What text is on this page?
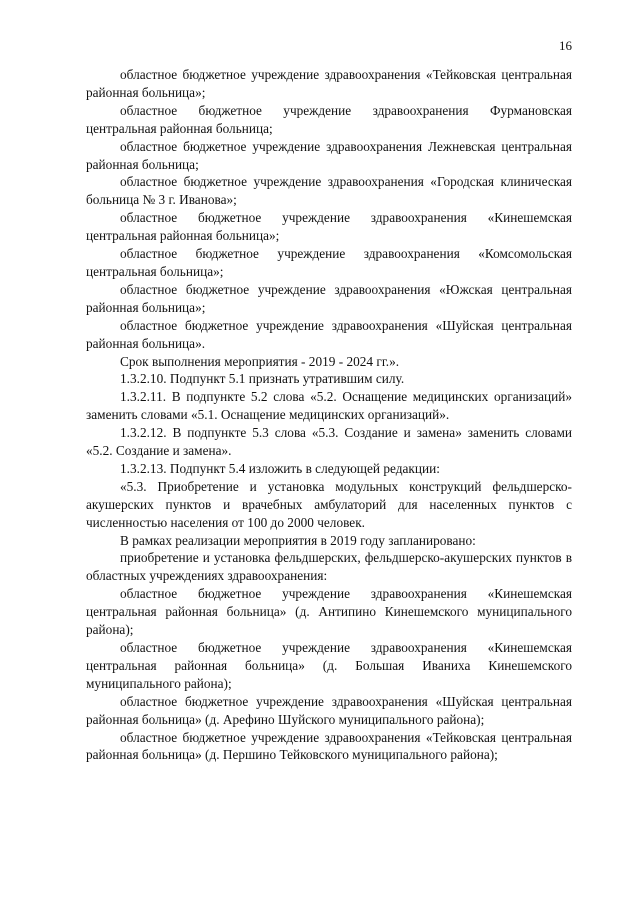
16

областное бюджетное учреждение здравоохранения «Тейковская центральная районная больница»;

областное бюджетное учреждение здравоохранения Фурмановская центральная районная больница;

областное бюджетное учреждение здравоохранения Лежневская центральная районная больница;

областное бюджетное учреждение здравоохранения «Городская клиническая больница № 3 г. Иванова»;

областное бюджетное учреждение здравоохранения «Кинешемская центральная районная больница»;

областное бюджетное учреждение здравоохранения «Комсомольская центральная больница»;

областное бюджетное учреждение здравоохранения «Южская центральная районная больница»;

областное бюджетное учреждение здравоохранения «Шуйская центральная районная больница».

Срок выполнения мероприятия - 2019 - 2024 гг.».

1.3.2.10. Подпункт 5.1 признать утратившим силу.

1.3.2.11. В подпункте 5.2 слова «5.2. Оснащение медицинских организаций» заменить словами «5.1. Оснащение медицинских организаций».

1.3.2.12. В подпункте 5.3 слова «5.3. Создание и замена» заменить словами «5.2. Создание и замена».

1.3.2.13. Подпункт 5.4 изложить в следующей редакции:

«5.3. Приобретение и установка модульных конструкций фельдшерско-акушерских пунктов и врачебных амбулаторий для населенных пунктов с численностью населения от 100 до 2000 человек.

В рамках реализации мероприятия в 2019 году запланировано:

приобретение и установка фельдшерских, фельдшерско-акушерских пунктов в областных учреждениях здравоохранения:

областное бюджетное учреждение здравоохранения «Кинешемская центральная районная больница» (д. Антипино Кинешемского муниципального района);

областное бюджетное учреждение здравоохранения «Кинешемская центральная районная больница» (д. Большая Иваниха Кинешемского муниципального района);

областное бюджетное учреждение здравоохранения «Шуйская центральная районная больница» (д. Арефино Шуйского муниципального района);

областное бюджетное учреждение здравоохранения «Тейковская центральная районная больница» (д. Першино Тейковского муниципального района);
